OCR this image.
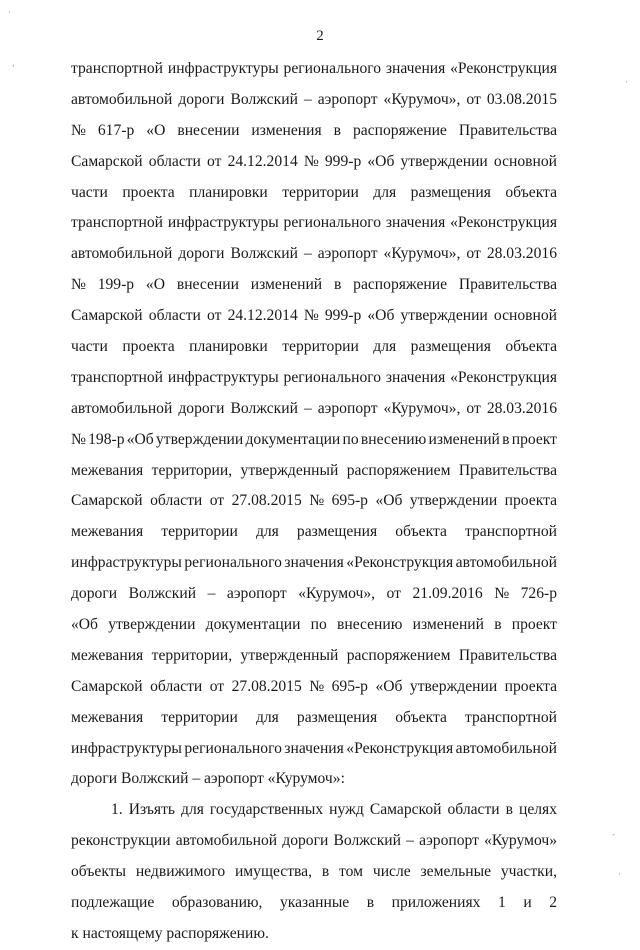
2
транспортной инфраструктуры регионального значения «Реконструкция
автомобильной дороги Волжский – аэропорт «Курумоч», от 03.08.2015
№ 617-р «О внесении изменения в распоряжение Правительства
Самарской области от 24.12.2014 № 999-р «Об утверждении основной
части проекта планировки территории для размещения объекта
транспортной инфраструктуры регионального значения «Реконструкция
автомобильной дороги Волжский – аэропорт «Курумоч», от 28.03.2016
№ 199-р «О внесении изменений в распоряжение Правительства
Самарской области от 24.12.2014 № 999-р «Об утверждении основной
части проекта планировки территории для размещения объекта
транспортной инфраструктуры регионального значения «Реконструкция
автомобильной дороги Волжский – аэропорт «Курумоч», от 28.03.2016
№ 198-р «Об утверждении документации по внесению изменений в проект
межевания территории, утвержденный распоряжением Правительства
Самарской области от 27.08.2015 № 695-р «Об утверждении проекта
межевания территории для размещения объекта транспортной
инфраструктуры регионального значения «Реконструкция автомобильной
дороги Волжский – аэропорт «Курумоч», от 21.09.2016 № 726-р
«Об утверждении документации по внесению изменений в проект
межевания территории, утвержденный распоряжением Правительства
Самарской области от 27.08.2015 № 695-р «Об утверждении проекта
межевания территории для размещения объекта транспортной
инфраструктуры регионального значения «Реконструкция автомобильной
дороги Волжский – аэропорт «Курумоч»:
1. Изъять для государственных нужд Самарской области в целях
реконструкции автомобильной дороги Волжский – аэропорт «Курумоч»
объекты недвижимого имущества, в том числе земельные участки,
подлежащие образованию, указанные в приложениях 1 и 2
к настоящему распоряжению.
·
'
·
-
·
